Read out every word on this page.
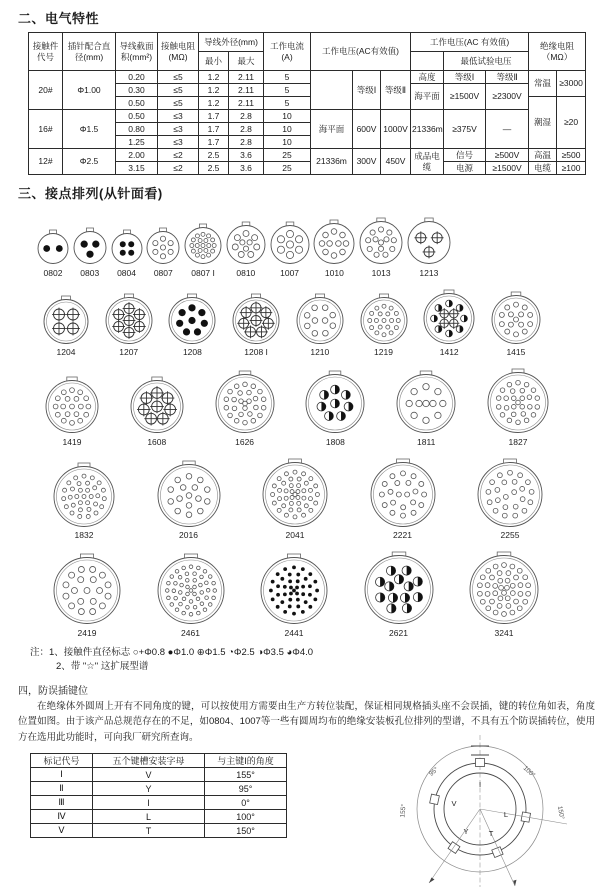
二、电气特性
接触件代号	插针配合直径(mm)	导线截面积(mm²)	接触电阻(MΩ)	导线外径(mm)		工作电流(A)	工作电压(AC有效值)			工作电压(AC 有效值)			绝缘电阻（MΩ）	
				最小	最大						最低试验电压			
20#	Φ1.00	0.20	≤5	1.2	2.11	5		等级Ⅰ	等级Ⅱ	高度	等级Ⅰ	等级Ⅱ	常温	≥3000
		0.30	≤5	1.2	2.11	5				海平面	≥1500V	≥2300V		
		0.50	≤5	1.2	2.11	5							潮湿	≥20
16#	Φ1.5	0.50	≤3	1.7	2.8	10	海平面	600V	1000V	21336m	≥375V	—		
		0.80	≤3	1.7	2.8	10								
		1.25	≤3	1.7	2.8	10								
12#	Φ2.5	2.00	≤2	2.5	3.6	25	21336m	300V	450V	成品电缆	信号	≥500V	高温	≥500
		3.15	≤2	2.5	3.6	25					电源	≥1500V	电缆	≥100
三、接点排列(从针面看)
0802 0803 0804 0807 0807 I	0810	1007	1010	1013	1213
1204	1207	1208	1208 I	1210	1219	1412	1415
1419	1608	1626	1808	1811	1827
1832	2016	2041	2221	2255
2419	2461	2441	2621	3241
注：1、接触件直径标志 ○+Φ0.8 ●Φ1.0 ⊕Φ1.5 ◔Φ2.5 ◑Φ3.5 ◕Φ4.0
2、带 "☆" 这扩展型谱
四，防误插键位
在绝缘体外圆周上开有不同角度的键，可以按使用方需要由生产方转位装配，保证相同规格插头座不会误插，键的转位角如表，角度位置如图。由于该产品总规范存在的不足，如0804、1007等一些有圆周均布的绝缘安装板孔位排列的型谱，不具有五个防误插转位，使用方在选用此功能时，可向我厂研究所查询。
标记代号	五个键槽安装字母	与主键I的角度
Ⅰ	V	155°
Ⅱ	Y	95°
Ⅲ	I	0°
Ⅳ	L	100°
Ⅴ	T	150°
I
V
Y	T
L
95°	100°
155°	150°
